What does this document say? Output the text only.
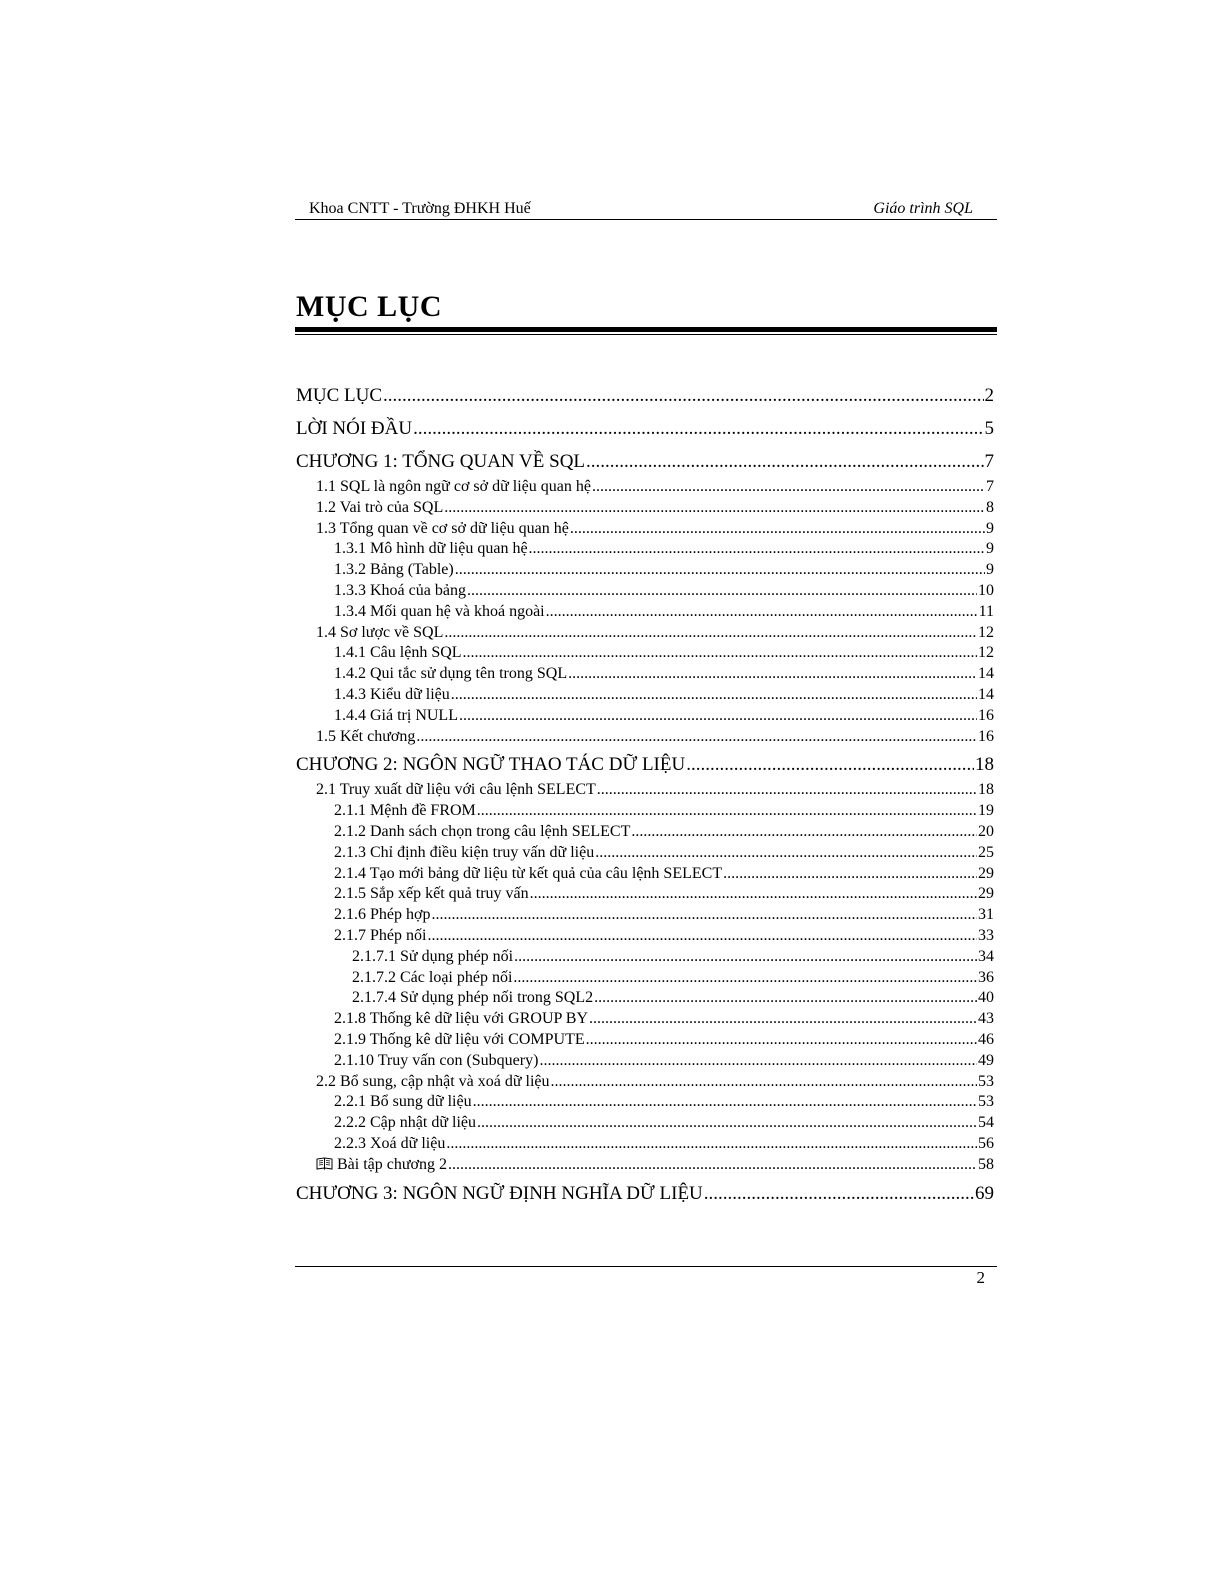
Khoa CNTT - Trường ĐHKH Huế	Giáo trình SQL
MỤC LỤC
MỤC LỤC .....	2
LỜI NÓI ĐẦU .....	5
CHƯƠNG 1: TỔNG QUAN VỀ SQL .....	7
1.1 SQL là ngôn ngữ cơ sở dữ liệu quan hệ .....	7
1.2 Vai trò của SQL .....	8
1.3 Tổng quan về cơ sở dữ liệu quan hệ .....	9
1.3.1 Mô hình dữ liệu quan hệ .....	9
1.3.2 Bảng (Table) .....	9
1.3.3 Khoá của bảng .....	10
1.3.4 Mối quan hệ và khoá ngoài .....	11
1.4 Sơ lược về SQL .....	12
1.4.1 Câu lệnh SQL .....	12
1.4.2 Qui tắc sử dụng tên trong SQL .....	14
1.4.3 Kiểu dữ liệu .....	14
1.4.4 Giá trị NULL .....	16
1.5 Kết chương .....	16
CHƯƠNG 2: NGÔN NGỮ THAO TÁC DỮ LIỆU .....	18
2.1 Truy xuất dữ liệu với câu lệnh SELECT .....	18
2.1.1 Mệnh đề FROM .....	19
2.1.2 Danh sách chọn trong câu lệnh SELECT .....	20
2.1.3 Chỉ định điều kiện truy vấn dữ liệu .....	25
2.1.4 Tạo mới bảng dữ liệu từ kết quả của câu lệnh SELECT .....	29
2.1.5 Sắp xếp kết quả truy vấn .....	29
2.1.6 Phép hợp .....	31
2.1.7 Phép nối .....	33
2.1.7.1 Sử dụng phép nối .....	34
2.1.7.2 Các loại phép nối .....	36
2.1.7.4 Sử dụng phép nối trong SQL2 .....	40
2.1.8 Thống kê dữ liệu với GROUP BY .....	43
2.1.9 Thống kê dữ liệu với COMPUTE .....	46
2.1.10 Truy vấn con (Subquery) .....	49
2.2 Bổ sung, cập nhật và xoá dữ liệu .....	53
2.2.1 Bổ sung dữ liệu .....	53
2.2.2 Cập nhật dữ liệu .....	54
2.2.3 Xoá dữ liệu .....	56
Bài tập chương 2 .....	58
CHƯƠNG 3: NGÔN NGỮ ĐỊNH NGHĨA DỮ LIỆU .....	69
2
